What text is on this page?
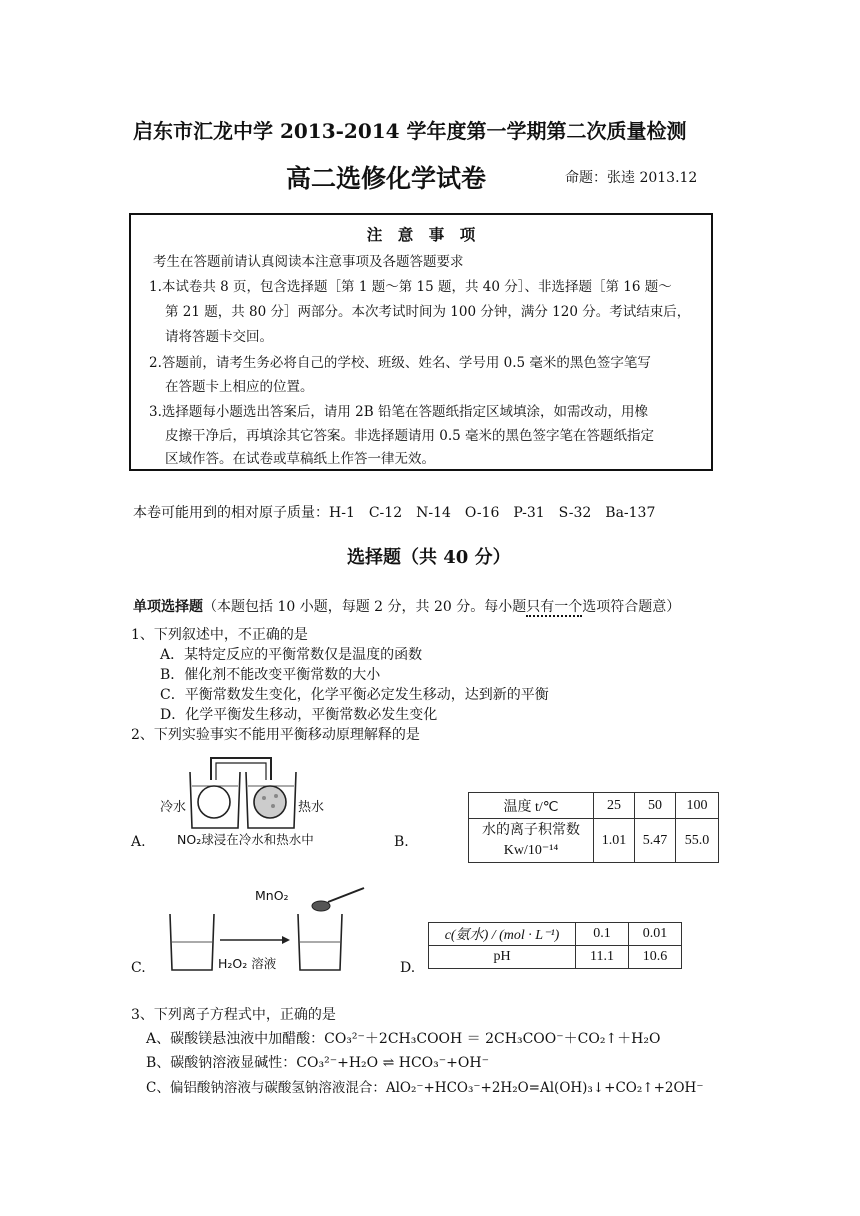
启东市汇龙中学 2013-2014 学年度第一学期第二次质量检测
高二选修化学试卷	命题：张逵 2013.12
注　意　事　项
考生在答题前请认真阅读本注意事项及各题答题要求
1.本试卷共 8 页，包含选择题［第 1 题～第 15 题，共 40 分］、非选择题［第 16 题～
第 21 题，共 80 分］两部分。本次考试时间为 100 分钟，满分 120 分。考试结束后，
请将答题卡交回。
2.答题前，请考生务必将自己的学校、班级、姓名、学号用 0.5 毫米的黑色签字笔写
在答题卡上相应的位置。
3.选择题每小题选出答案后，请用 2B 铅笔在答题纸指定区域填涂，如需改动，用橡
皮擦干净后，再填涂其它答案。非选择题请用 0.5 毫米的黑色签字笔在答题纸指定
区域作答。在试卷或草稿纸上作答一律无效。
本卷可能用到的相对原子质量：H-1　C-12　N-14　O-16　P-31　S-32　Ba-137
选择题（共 40 分）
单项选择题（本题包括 10 小题，每题 2 分，共 20 分。每小题只有一个选项符合题意）
1、下列叙述中，不正确的是
A．某特定反应的平衡常数仅是温度的函数
B．催化剂不能改变平衡常数的大小
C．平衡常数发生变化，化学平衡必定发生移动，达到新的平衡
D．化学平衡发生移动，平衡常数必发生变化
2、下列实验事实不能用平衡移动原理解释的是
冷水	热水
NO₂球浸在冷水和热水中
A.	B.
温度 t/℃	25	50	100

水的离子积常数
Kw/10⁻¹⁴	1.01	5.47	55.0
MnO₂
H₂O₂ 溶液
C.	D.
c(氨水) / (mol · L⁻¹)	0.1	0.01
pH	11.1	10.6
3、下列离子方程式中，正确的是
A、碳酸镁悬浊液中加醋酸：CO₃²⁻＋2CH₃COOH ＝ 2CH₃COO⁻＋CO₂↑＋H₂O
B、碳酸钠溶液显碱性：CO₃²⁻+H₂O ⇌ HCO₃⁻+OH⁻
C、偏铝酸钠溶液与碳酸氢钠溶液混合：AlO₂⁻+HCO₃⁻+2H₂O=Al(OH)₃↓+CO₂↑+2OH⁻
